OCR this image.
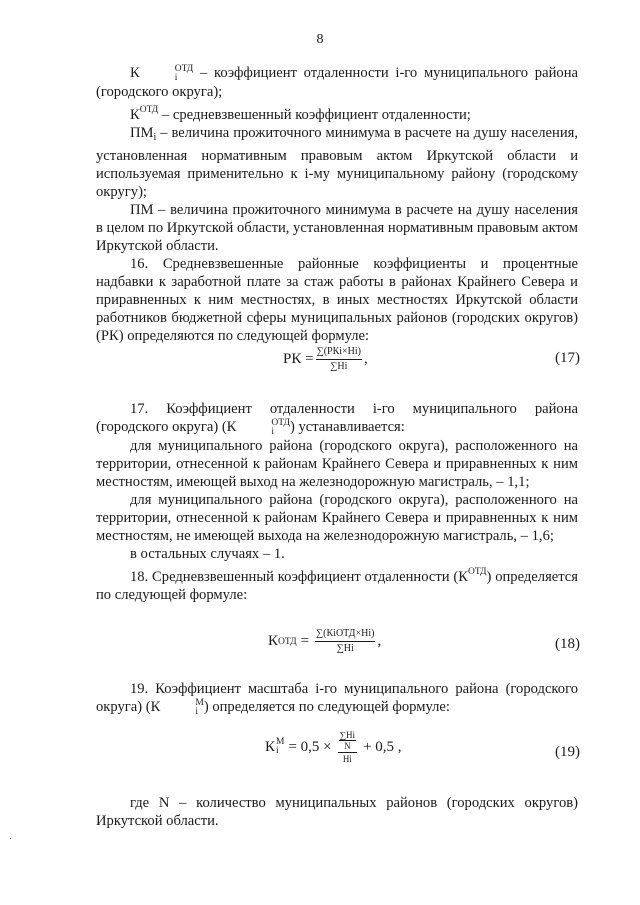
8

К	ОТД
i	– коэффициент отдаленности i-го муниципального района (городского округа);

$К^{ОТД}$ – средневзвешенный коэффициент отдаленности;

$ПМ_i$ – величина прожиточного минимума в расчете на душу населения, установленная нормативным правовым актом Иркутской области и используемая применительно к i-му муниципальному району (городскому округу);

ПМ – величина прожиточного минимума в расчете на душу населения в целом по Иркутской области, установленная нормативным правовым актом Иркутской области.

16. Средневзвешенные районные коэффициенты и процентные надбавки к заработной плате за стаж работы в районах Крайнего Севера и приравненных к ним местностях, в иных местностях Иркутской области работников бюджетной сферы муниципальных районов (городских округов) (РК) определяются по следующей формуле:

РК = $\frac{\text{∑(РКi×Нi)}}{\sum Нi}$ ,	(17)

17. Коэффициент отдаленности i-го муниципального района (городского округа) (К	ОТД
i	) устанавливается:

для муниципального района (городского округа), расположенного на территории, отнесенной к районам Крайнего Севера и приравненных к ним местностям, имеющей выход на железнодорожную магистраль, – 1,1;

для муниципального района (городского округа), расположенного на территории, отнесенной к районам Крайнего Севера и приравненных к ним местностям, не имеющей выхода на железнодорожную магистраль, – 1,6;

в остальных случаях – 1.

18. Средневзвешенный коэффициент отдаленности $(К^{ОТД})$ определяется по следующей формуле:

К ОТД = $\frac{\text{∑(КiОТД×Нi)}}{\sum Нi}$ ,	(18)

19. Коэффициент масштаба i-го муниципального района (городского округа) (К	М
i ) определяется по следующей формуле:

К М
i = 0,5 × ∑Нi
N
Нi + 0,5 ,	(19)

где N – количество муниципальных районов (городских округов) Иркутской области.
